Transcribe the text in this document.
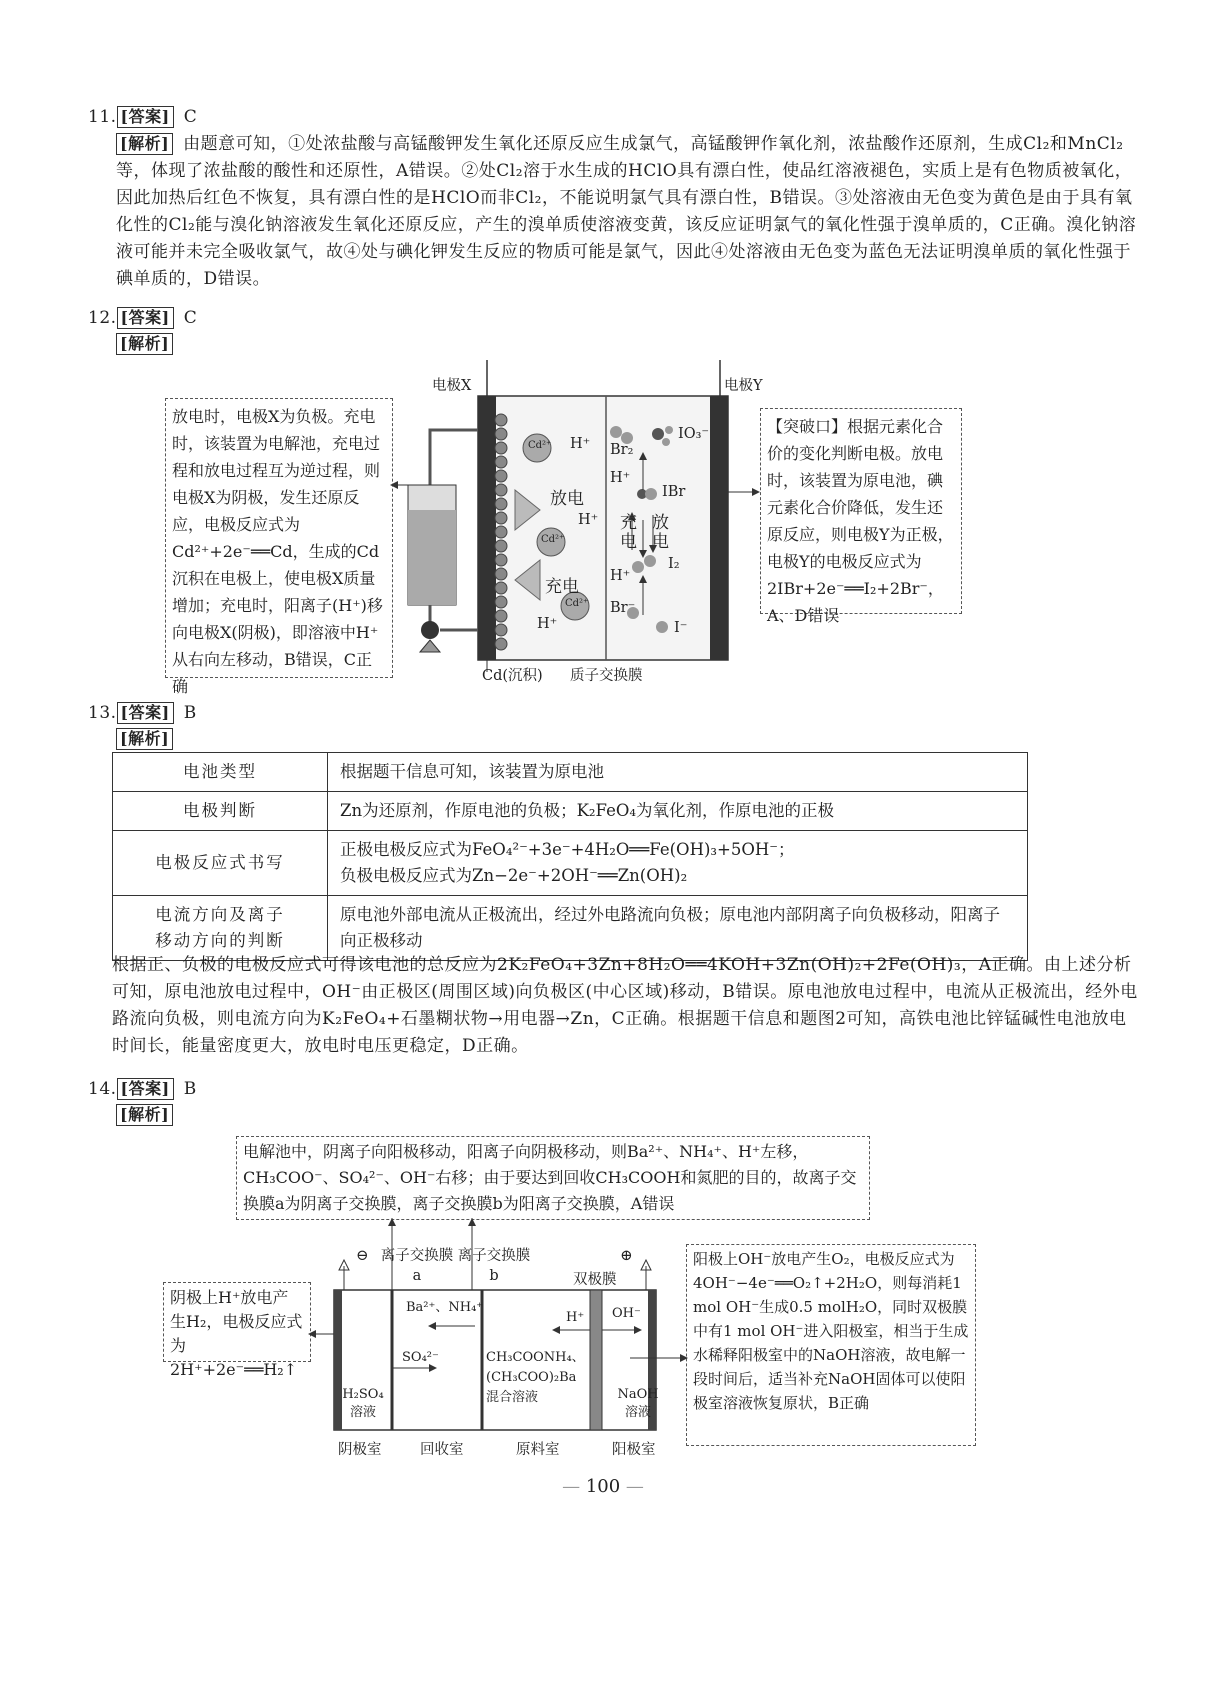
11. [答案] C
[解析] 由题意可知，①处浓盐酸与高锰酸钾发生氧化还原反应生成氯气，高锰酸钾作氧化剂，浓盐酸作还原剂，生成Cl₂和MnCl₂等，体现了浓盐酸的酸性和还原性，A错误。②处Cl₂溶于水生成的HClO具有漂白性，使品红溶液褪色，实质上是有色物质被氧化，因此加热后红色不恢复，具有漂白性的是HClO而非Cl₂，不能说明氯气具有漂白性，B错误。③处溶液由无色变为黄色是由于具有氧化性的Cl₂能与溴化钠溶液发生氧化还原反应，产生的溴单质使溶液变黄，该反应证明氯气的氧化性强于溴单质的，C正确。溴化钠溶液可能并未完全吸收氯气，故④处与碘化钾发生反应的物质可能是氯气，因此④处溶液由无色变为蓝色无法证明溴单质的氧化性强于碘单质的，D错误。
12. [答案] C
[解析]
放电时，电极X为负极。充电时，该装置为电解池，充电过程和放电过程互为逆过程，则电极X为阴极，发生还原反应，电极反应式为Cd²⁺+2e⁻══Cd，生成的Cd沉积在电极上，使电极X质量增加；充电时，阳离子(H⁺)移向电极X(阴极)，即溶液中H⁺从右向左移动，B错误，C正确
【突破口】根据元素化合价的变化判断电极。放电时，该装置为原电池，碘元素化合价降低，发生还原反应，则电极Y为正极，电极Y的电极反应式为2IBr+2e⁻══I₂+2Br⁻，A、D错误
电极X	电极Y
Cd²⁺
Cd²⁺
Cd²⁺
H⁺
H⁺
H⁺
放电
充电
Br₂
IO₃⁻
H⁺
IBr
充电
放电
I₂
H⁺
Br⁻
I⁻
Cd(沉积) 质子交换膜
13. [答案] B
[解析]
电池类型	根据题干信息可知，该装置为原电池
电极判断	Zn为还原剂，作原电池的负极；K₂FeO₄为氧化剂，作原电池的正极
电极反应式书写	正极电极反应式为FeO₄²⁻+3e⁻+4H₂O══Fe(OH)₃+5OH⁻；
负极电极反应式为Zn−2e⁻+2OH⁻══Zn(OH)₂

电流方向及离子
移动方向的判断	原电池外部电流从正极流出，经过外电路流向负极；原电池内部阴离子向负极移动，阳离子向正极移动
根据正、负极的电极反应式可得该电池的总反应为2K₂FeO₄+3Zn+8H₂O══4KOH+3Zn(OH)₂+2Fe(OH)₃，A正确。由上述分析可知，原电池放电过程中，OH⁻由正极区(周围区域)向负极区(中心区域)移动，B错误。原电池放电过程中，电流从正极流出，经外电路流向负极，则电流方向为K₂FeO₄+石墨糊状物→用电器→Zn，C正确。根据题干信息和题图2可知，高铁电池比锌锰碱性电池放电时间长，能量密度更大，放电时电压更稳定，D正确。
14. [答案] B
[解析]
电解池中，阴离子向阳极移动，阳离子向阴极移动，则Ba²⁺、NH₄⁺、H⁺左移，CH₃COO⁻、SO₄²⁻、OH⁻右移；由于要达到回收CH₃COOH和氮肥的目的，故离子交换膜a为阴离子交换膜，离子交换膜b为阳离子交换膜，A错误
阴极上H⁺放电产生H₂，电极反应式为2H⁺+2e⁻══H₂↑
阳极上OH⁻放电产生O₂，电极反应式为4OH⁻−4e⁻══O₂↑+2H₂O，则每消耗1 mol OH⁻生成0.5 molH₂O，同时双极膜中有1 mol OH⁻进入阳极室，相当于生成水稀释阳极室中的NaOH溶液，故电解一段时间后，适当补充NaOH固体可以使阳极室溶液恢复原状，B正确
⊖	⊕
离子交换膜a
离子交换膜b	双极膜
Ba²⁺、NH₄⁺
SO₄²⁻
H⁺ OH⁻
CH₃COONH₄、(CH₃COO)₂Ba混合溶液
H₂SO₄溶液
NaOH溶液
阴极室	回收室	原料室	阳极室
— 100 —
